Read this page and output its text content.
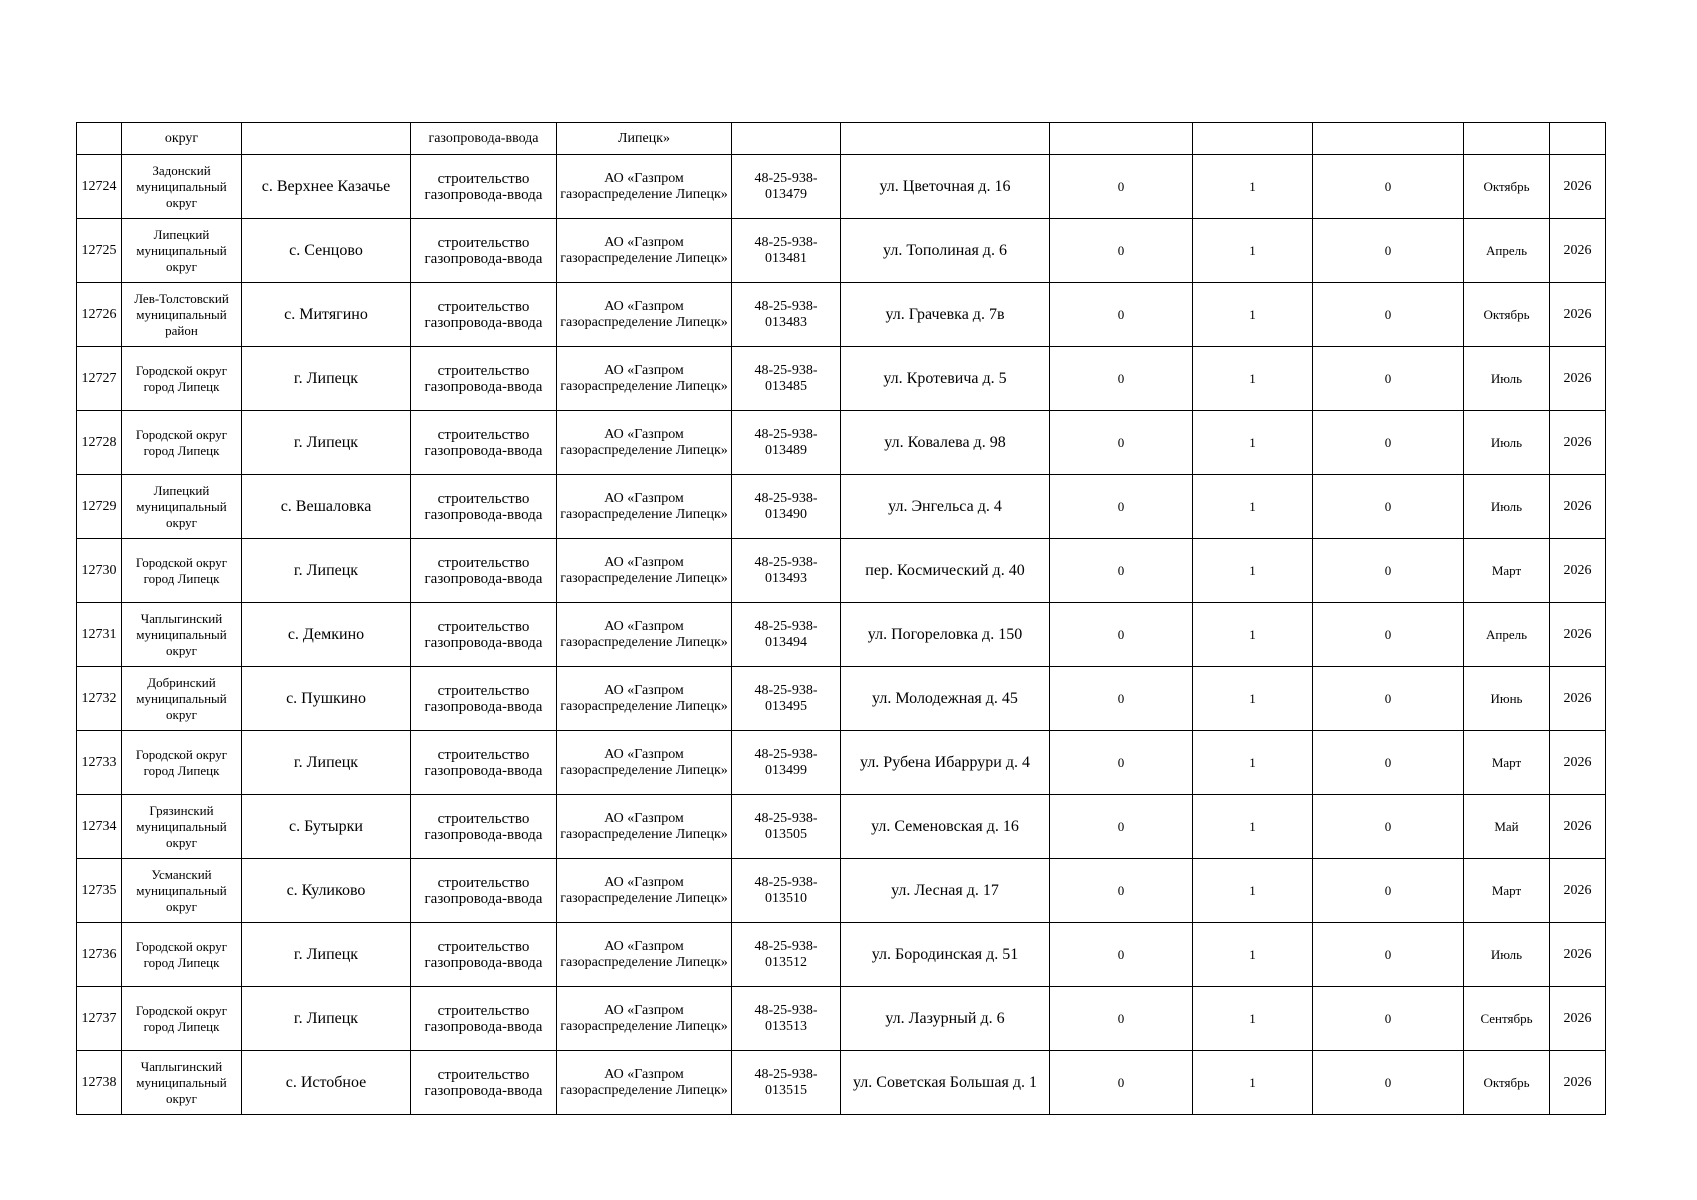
	округ		газопровода-ввода	Липецк»							
12724	Задонский муниципальный округ	с. Верхнее Казачье	строительство газопровода-ввода	АО «Газпром газораспределение Липецк»	48-25-938-013479	ул. Цветочная д. 16	0	1	0	Октябрь	2026
12725	Липецкий муниципальный округ	с. Сенцово	строительство газопровода-ввода	АО «Газпром газораспределение Липецк»	48-25-938-013481	ул. Тополиная д. 6	0	1	0	Апрель	2026
12726	Лев-Толстовский муниципальный район	с. Митягино	строительство газопровода-ввода	АО «Газпром газораспределение Липецк»	48-25-938-013483	ул. Грачевка д. 7в	0	1	0	Октябрь	2026
12727	Городской округ город Липецк	г. Липецк	строительство газопровода-ввода	АО «Газпром газораспределение Липецк»	48-25-938-013485	ул. Кротевича д. 5	0	1	0	Июль	2026
12728	Городской округ город Липецк	г. Липецк	строительство газопровода-ввода	АО «Газпром газораспределение Липецк»	48-25-938-013489	ул. Ковалева д. 98	0	1	0	Июль	2026
12729	Липецкий муниципальный округ	с. Вешаловка	строительство газопровода-ввода	АО «Газпром газораспределение Липецк»	48-25-938-013490	ул. Энгельса д. 4	0	1	0	Июль	2026
12730	Городской округ город Липецк	г. Липецк	строительство газопровода-ввода	АО «Газпром газораспределение Липецк»	48-25-938-013493	пер. Космический д. 40	0	1	0	Март	2026
12731	Чаплыгинский муниципальный округ	с. Демкино	строительство газопровода-ввода	АО «Газпром газораспределение Липецк»	48-25-938-013494	ул. Погореловка д. 150	0	1	0	Апрель	2026
12732	Добринский муниципальный округ	с. Пушкино	строительство газопровода-ввода	АО «Газпром газораспределение Липецк»	48-25-938-013495	ул. Молодежная д. 45	0	1	0	Июнь	2026
12733	Городской округ город Липецк	г. Липецк	строительство газопровода-ввода	АО «Газпром газораспределение Липецк»	48-25-938-013499	ул. Рубена Ибаррури д. 4	0	1	0	Март	2026
12734	Грязинский муниципальный округ	с. Бутырки	строительство газопровода-ввода	АО «Газпром газораспределение Липецк»	48-25-938-013505	ул. Семеновская д. 16	0	1	0	Май	2026
12735	Усманский муниципальный округ	с. Куликово	строительство газопровода-ввода	АО «Газпром газораспределение Липецк»	48-25-938-013510	ул. Лесная д. 17	0	1	0	Март	2026
12736	Городской округ город Липецк	г. Липецк	строительство газопровода-ввода	АО «Газпром газораспределение Липецк»	48-25-938-013512	ул. Бородинская д. 51	0	1	0	Июль	2026
12737	Городской округ город Липецк	г. Липецк	строительство газопровода-ввода	АО «Газпром газораспределение Липецк»	48-25-938-013513	ул. Лазурный д. 6	0	1	0	Сентябрь	2026
12738	Чаплыгинский муниципальный округ	с. Истобное	строительство газопровода-ввода	АО «Газпром газораспределение Липецк»	48-25-938-013515	ул. Советская Большая д. 1	0	1	0	Октябрь	2026
